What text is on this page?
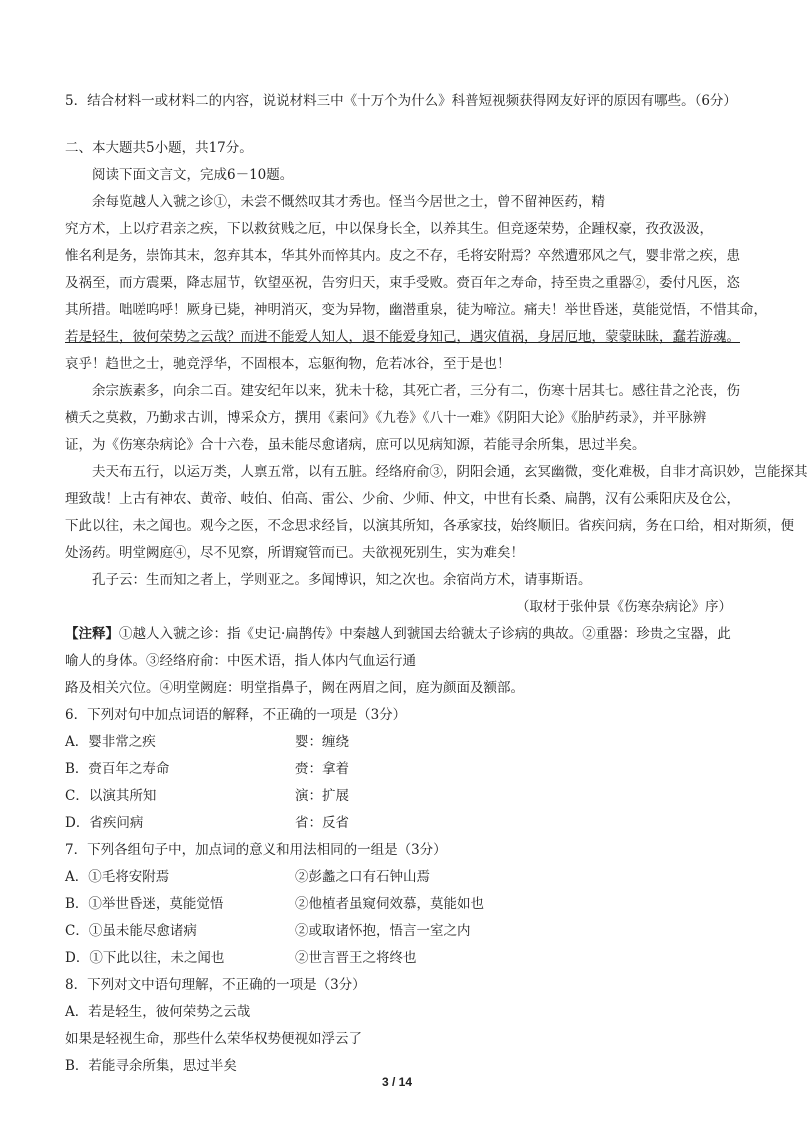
5．结合材料一或材料二的内容，说说材料三中《十万个为什么》科普短视频获得网友好评的原因有哪些。（6分）
二、本大题共5小题，共17分。
阅读下面文言文，完成6－10题。
余每览越人入虢之诊①，未尝不慨然叹其才秀也。怪当今居世之士，曾不留神医药，精
究方术，上以疗君亲之疾，下以救贫贱之厄，中以保身长全，以养其生。但竞逐荣势，企踵权豪，孜孜汲汲，
惟名利是务，崇饰其末，忽弃其本，华其外而悴其内。皮之不存，毛将安附焉？卒然遭邪风之气，婴非常之疾，患
及祸至，而方震栗，降志屈节，钦望巫祝，告穷归天，束手受败。赍百年之寿命，持至贵之重器②，委付凡医，恣
其所措。咄嗟呜呼！厥身已毙，神明消灭，变为异物，幽潜重泉，徒为啼泣。痛夫！举世昏迷，莫能觉悟，不惜其命，
若是轻生，彼何荣势之云哉？而进不能爱人知人，退不能爱身知己，遇灾值祸，身居厄地，蒙蒙昧昧，蠢若游魂。
哀乎！趋世之士，驰竞浮华，不固根本，忘躯徇物，危若冰谷，至于是也！
余宗族素多，向余二百。建安纪年以来，犹未十稔，其死亡者，三分有二，伤寒十居其七。感往昔之沦丧，伤
横夭之莫救，乃勤求古训，博采众方，撰用《素问》《九卷》《八十一难》《阴阳大论》《胎胪药录》，并平脉辨
证，为《伤寒杂病论》合十六卷，虽未能尽愈诸病，庶可以见病知源，若能寻余所集，思过半矣。
夫天布五行，以运万类，人禀五常，以有五脏。经络府俞③，阴阳会通，玄冥幽微，变化难极，自非才高识妙，岂能探其
理致哉！上古有神农、黄帝、岐伯、伯高、雷公、少俞、少师、仲文，中世有长桑、扁鹊，汉有公乘阳庆及仓公，
下此以往，未之闻也。观今之医，不念思求经旨，以演其所知，各承家技，始终顺旧。省疾问病，务在口给，相对斯须，便
处汤药。明堂阙庭④，尽不见察，所谓窥管而已。夫欲视死别生，实为难矣！
孔子云：生而知之者上，学则亚之。多闻博识，知之次也。余宿尚方术，请事斯语。
（取材于张仲景《伤寒杂病论》序）
【注释】①越人入虢之诊：指《史记·扁鹊传》中秦越人到虢国去给虢太子诊病的典故。②重器：珍贵之宝器，此
喻人的身体。③经络府俞：中医术语，指人体内气血运行通
路及相关穴位。④明堂阙庭：明堂指鼻子，阙在两眉之间，庭为颜面及额部。
6．下列对句中加点词语的解释，不正确的一项是（3分）
A．婴非常之疾	婴：缠绕
B．赍百年之寿命	赍：拿着
C．以演其所知	演：扩展
D．省疾问病	省：反省
7．下列各组句子中，加点词的意义和用法相同的一组是（3分）
A．①毛将安附焉	②彭蠡之口有石钟山焉
B．①举世昏迷，莫能觉悟	②他植者虽窥伺效慕，莫能如也
C．①虽未能尽愈诸病	②或取诸怀抱，悟言一室之内
D．①下此以往，未之闻也	②世言晋王之将终也
8．下列对文中语句理解，不正确的一项是（3分）
A．若是轻生，彼何荣势之云哉
如果是轻视生命，那些什么荣华权势便视如浮云了
B．若能寻余所集，思过半矣
3 / 14
